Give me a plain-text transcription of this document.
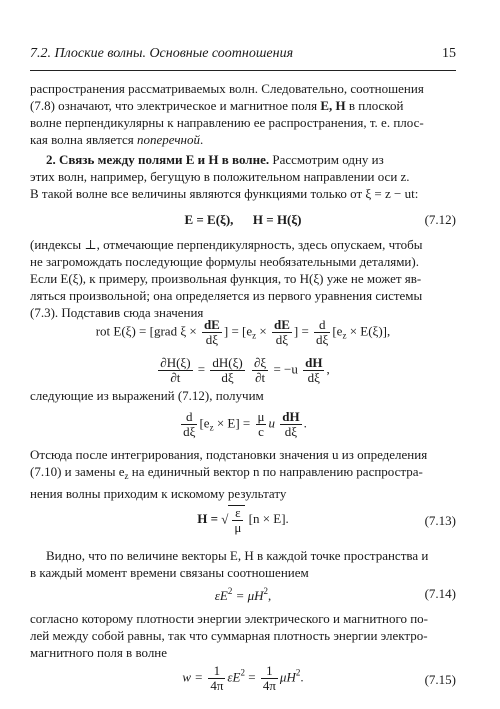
7.2. Плоские волны. Основные соотношения	15
распространения рассматриваемых волн. Следовательно, соотношения
(7.8) означают, что электрическое и магнитное поля E, H в плоской
волне перпендикулярны к направлению ее распространения, т. е. плос-
кая волна является поперечной.
2. Связь между полями E и H в волне. Рассмотрим одну из
этих волн, например, бегущую в положительном направлении оси z.
В такой волне все величины являются функциями только от ξ = z − ut:
E = E(ξ), H = H(ξ)	(7.12)
(индексы ⊥, отмечающие перпендикулярность, здесь опускаем, чтобы
не загромождать последующие формулы необязательными деталями).
Если E(ξ), к примеру, произвольная функция, то H(ξ) уже не может яв-
ляться произвольной; она определяется из первого уравнения системы
(7.3). Подставив сюда значения
rot E(ξ) = [grad $\xi \times \frac{dE}{d\xi}$ ] = [$e_z \times \frac{dE}{d\xi}$ ] = $\frac{d}{d\xi} [e_z \times E(\xi)]$,
$\frac{\partial H(\xi)}{\partial t} = \frac{dH(\xi)}{d\xi}$
$\frac{\partial\xi}{\partial t} = -u \frac{dH}{d\xi}$ ,
следующие из выражений (7.12), получим
$\frac{d}{d\xi} [e_z \times E] = \frac{\mu}{c}$ u $\frac{dH}{d\xi}$ .
Отсюда после интегрирования, подстановки значения u из определения
(7.10) и замены $e_z$ на единичный вектор n по направлению распростра-
нения волны приходим к искомому результату
H = √ $\frac{\varepsilon}{\mu} [n \times E]$.	(7.13)
Видно, что по величине векторы E, H в каждой точке пространства и
в каждый момент времени связаны соотношением
$\varepsilon E^2 = \mu H^2$,	(7.14)
согласно которому плотности энергии электрического и магнитного по-
лей между собой равны, так что суммарная плотность энергии электро-
магнитного поля в волне
$w = \frac{1}{4\pi} \varepsilon E^2 = \frac{1}{4\pi} \mu H^2$.	(7.15)
